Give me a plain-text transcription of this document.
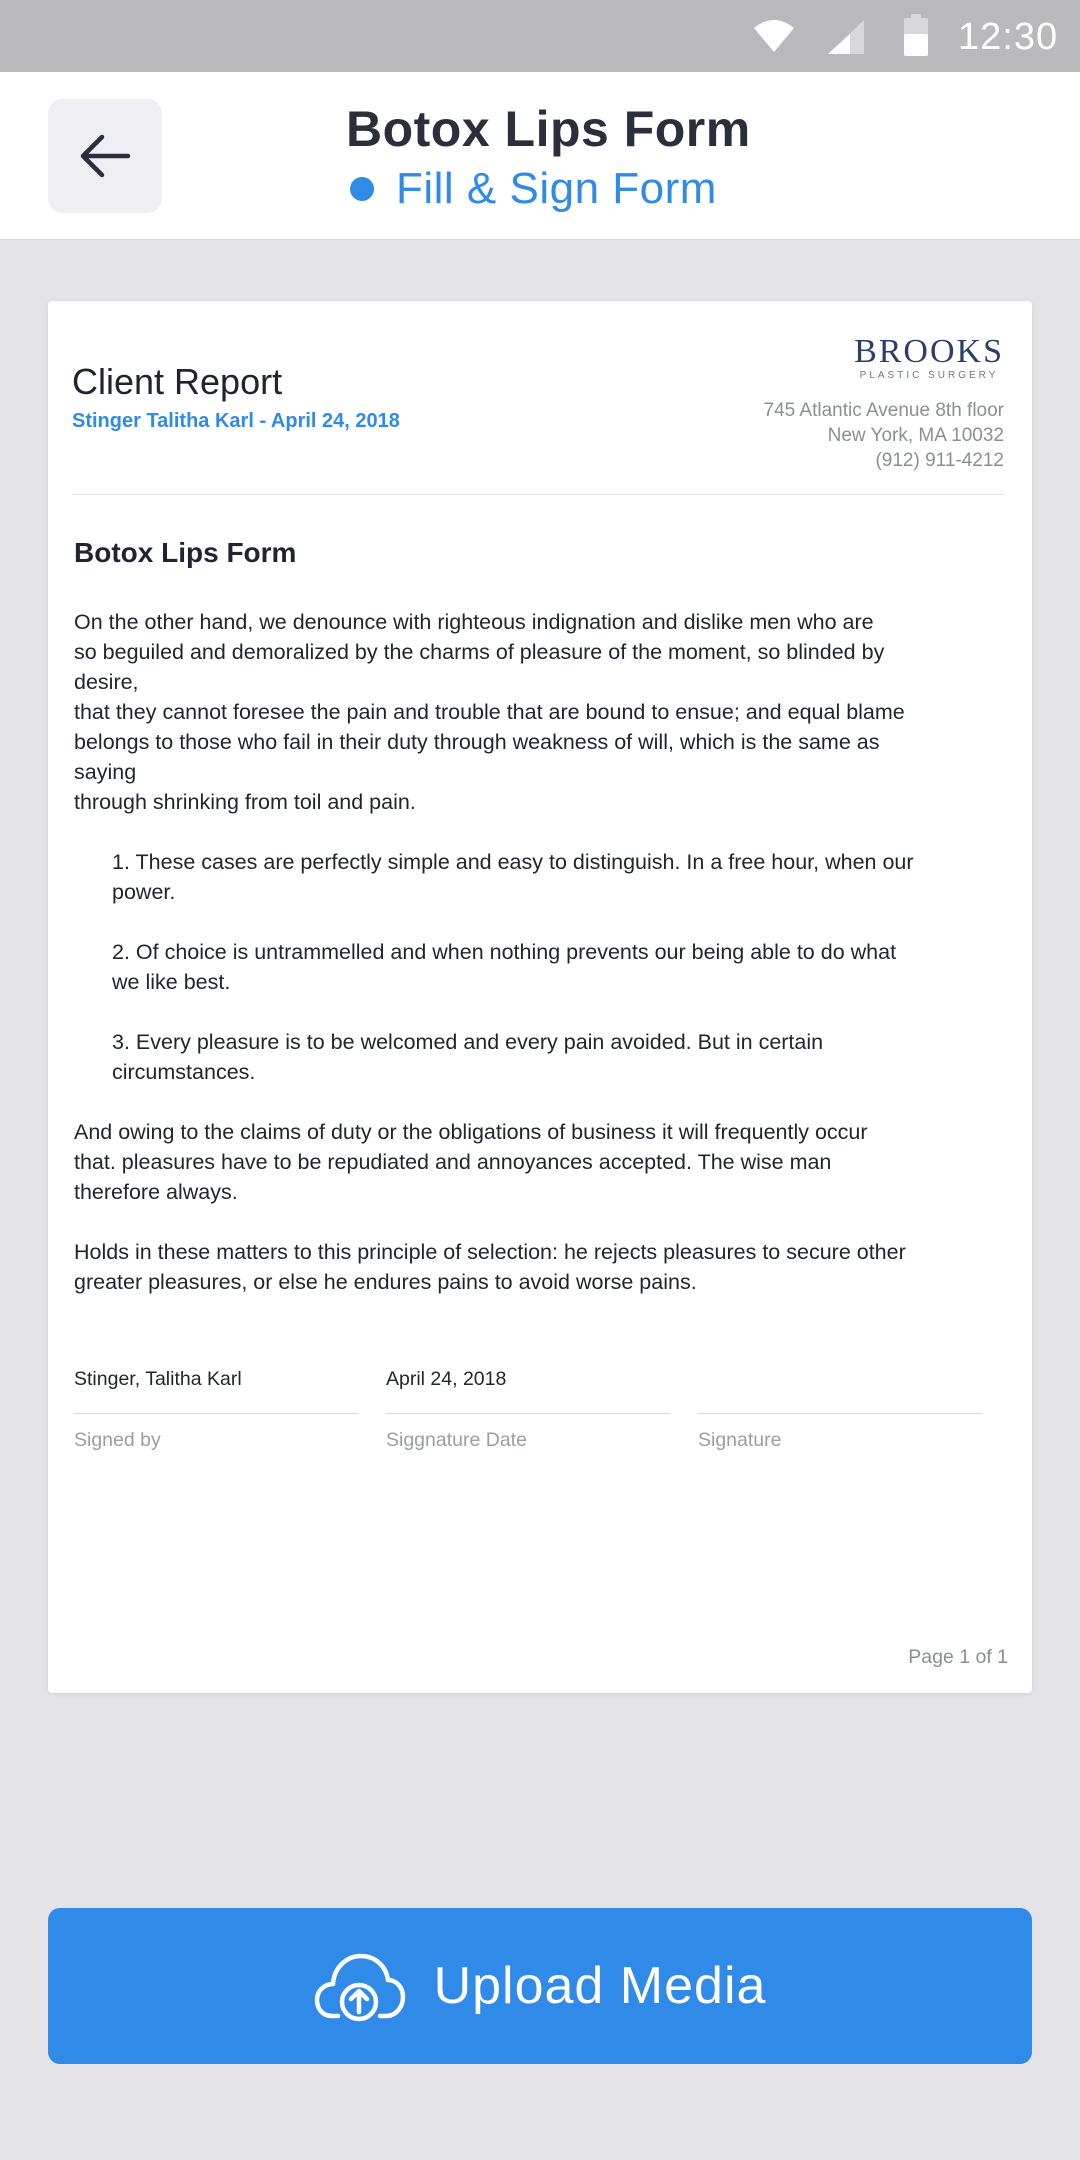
12:30
Botox Lips Form
Fill & Sign Form
Client Report
Stinger Talitha Karl - April 24, 2018
BROOKS
PLASTIC SURGERY
745 Atlantic Avenue 8th floor
New York, MA 10032
(912) 911-4212
Botox Lips Form
On the other hand, we denounce with righteous indignation and dislike men who are
so beguiled and demoralized by the charms of pleasure of the moment, so blinded by
desire,
that they cannot foresee the pain and trouble that are bound to ensue; and equal blame
belongs to those who fail in their duty through weakness of will, which is the same as
saying
through shrinking from toil and pain.
1. These cases are perfectly simple and easy to distinguish. In a free hour, when our
power.
2. Of choice is untrammelled and when nothing prevents our being able to do what
we like best.
3. Every pleasure is to be welcomed and every pain avoided. But in certain
circumstances.
And owing to the claims of duty or the obligations of business it will frequently occur
that. pleasures have to be repudiated and annoyances accepted. The wise man
therefore always.
Holds in these matters to this principle of selection: he rejects pleasures to secure other
greater pleasures, or else he endures pains to avoid worse pains.
Stinger, Talitha Karl
Signed by
April 24, 2018
Siggnature Date	Signature
Page 1 of 1
Upload Media
